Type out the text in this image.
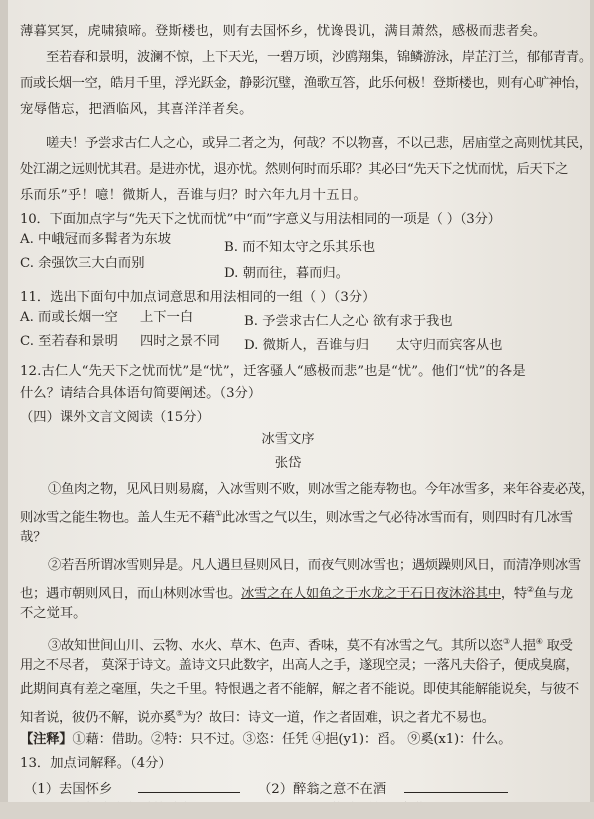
薄暮冥冥，虎啸猿啼。登斯楼也，则有去国怀乡，忧谗畏讥，满目萧然，感极而悲者矣。
至若春和景明，波澜不惊，上下天光，一碧万顷，沙鸥翔集，锦鳞游泳，岸芷汀兰，郁郁青青。
而或长烟一空，皓月千里，浮光跃金，静影沉璧，渔歌互答，此乐何极！登斯楼也，则有心旷神怡，
宠辱偕忘，把酒临风，其喜洋洋者矣。
嗟夫！予尝求古仁人之心，或异二者之为，何哉？不以物喜，不以己悲，居庙堂之高则忧其民，
处江湖之远则忧其君。是进亦忧，退亦忧。然则何时而乐耶？其必曰“先天下之忧而忧，后天下之
乐而乐”乎！噫！微斯人，吾谁与归？时六年九月十五日。
10．下面加点字与“先天下之忧而忧”中“而”字意义与用法相同的一项是（ ）（3分）
A. 中峨冠而多髯者为东坡
B. 而不知太守之乐其乐也
C. 余强饮三大白而别
D. 朝而往，暮而归。
11．选出下面句中加点词意思和用法相同的一组（ ）（3分）
A. 而或长烟一空 上下一白	B. 予尝求古仁人之心 欲有求于我也
C. 至若春和景明 四时之景不同 D. 微斯人，吾谁与归 太守归而宾客从也
12.古仁人“先天下之忧而忧”是“忧”，迁客骚人“感极而悲”也是“忧”。他们“忧”的各是
什么？请结合具体语句简要阐述。（3分）
（四）课外文言文阅读（15分）
冰雪文序
张岱
①鱼肉之物，见风日则易腐，入冰雪则不败，则冰雪之能寿物也。今年冰雪多，来年谷麦必茂，
则冰雪之能生物也。盖人生无不藉①此冰雪之气以生，则冰雪之气必待冰雪而有，则四时有几冰雪
哉？
②若吾所谓冰雪则异是。凡人遇旦昼则风日，而夜气则冰雪也；遇烦躁则风日，而清净则冰雪
也；遇市朝则风日，而山林则冰雪也。冰雪之在人如鱼之于水龙之于石日夜沐浴其中，特②鱼与龙
不之觉耳。
③故知世间山川、云物、水火、草木、色声、香味，莫不有冰雪之气。其所以恣③人挹④ 取受
用之不尽者， 莫深于诗文。盖诗文只此数字，出高人之手，遂现空灵；一落凡夫俗子，便成臭腐，
此期间真有差之毫厘，失之千里。特恨遇之者不能解，解之者不能说。即使其能解能说矣，与彼不
知者说，彼仍不解，说亦奚⑤为？故曰：诗文一道，作之者固难，识之者尤不易也。
【注释】①藉：借助。②特：只不过。③恣：任凭 ④挹(y1)：舀。 ⑨奚(x1)：什么。
13．加点词解释。（4分）
（1）去国怀乡	（2）醉翁之意不在酒
